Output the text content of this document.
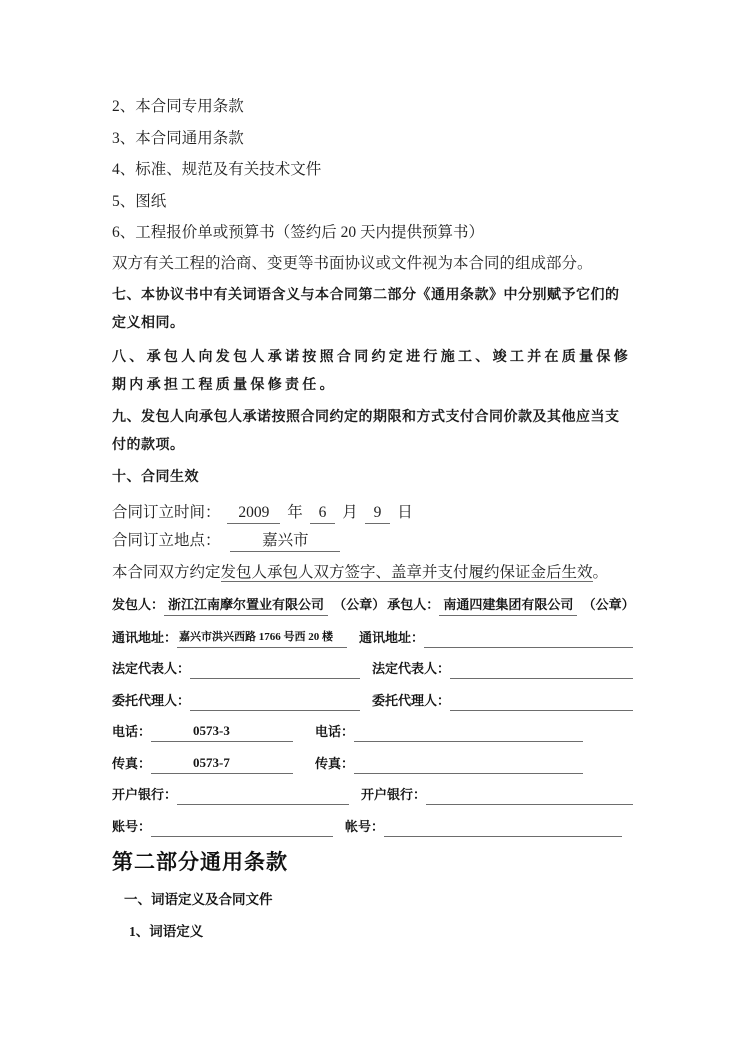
2、本合同专用条款

3、本合同通用条款

4、标准、规范及有关技术文件

5、图纸

6、工程报价单或预算书（签约后 20 天内提供预算书）

双方有关工程的洽商、变更等书面协议或文件视为本合同的组成部分。

七、本协议书中有关词语含义与本合同第二部分《通用条款》中分别赋予它们的定义相同。

八、承包人向发包人承诺按照合同约定进行施工、竣工并在质量保修期内承担工程质量保修责任。

九、发包人向承包人承诺按照合同约定的期限和方式支付合同价款及其他应当支付的款项。

十、合同生效

合同订立时间： 2009 年 6 月 9 日

合同订立地点：	嘉兴市

本合同双方约定发包人承包人双方签字、盖章并支付履约保证金后生效。

发包人： 浙江江南摩尔置业有限公司 （公章） 承包人： 南通四建集团有限公司 （公章）

通讯地址： 嘉兴市洪兴西路 1766 号西 20 楼	通讯地址：
法定代表人：	法定代表人：
委托代理人：	委托代理人：
电话：	0573-3	电话：
传真：	0573-7	传真：
开户银行：	开户银行：
账号：	帐号：
第二部分通用条款

一、词语定义及合同文件

1、词语定义
